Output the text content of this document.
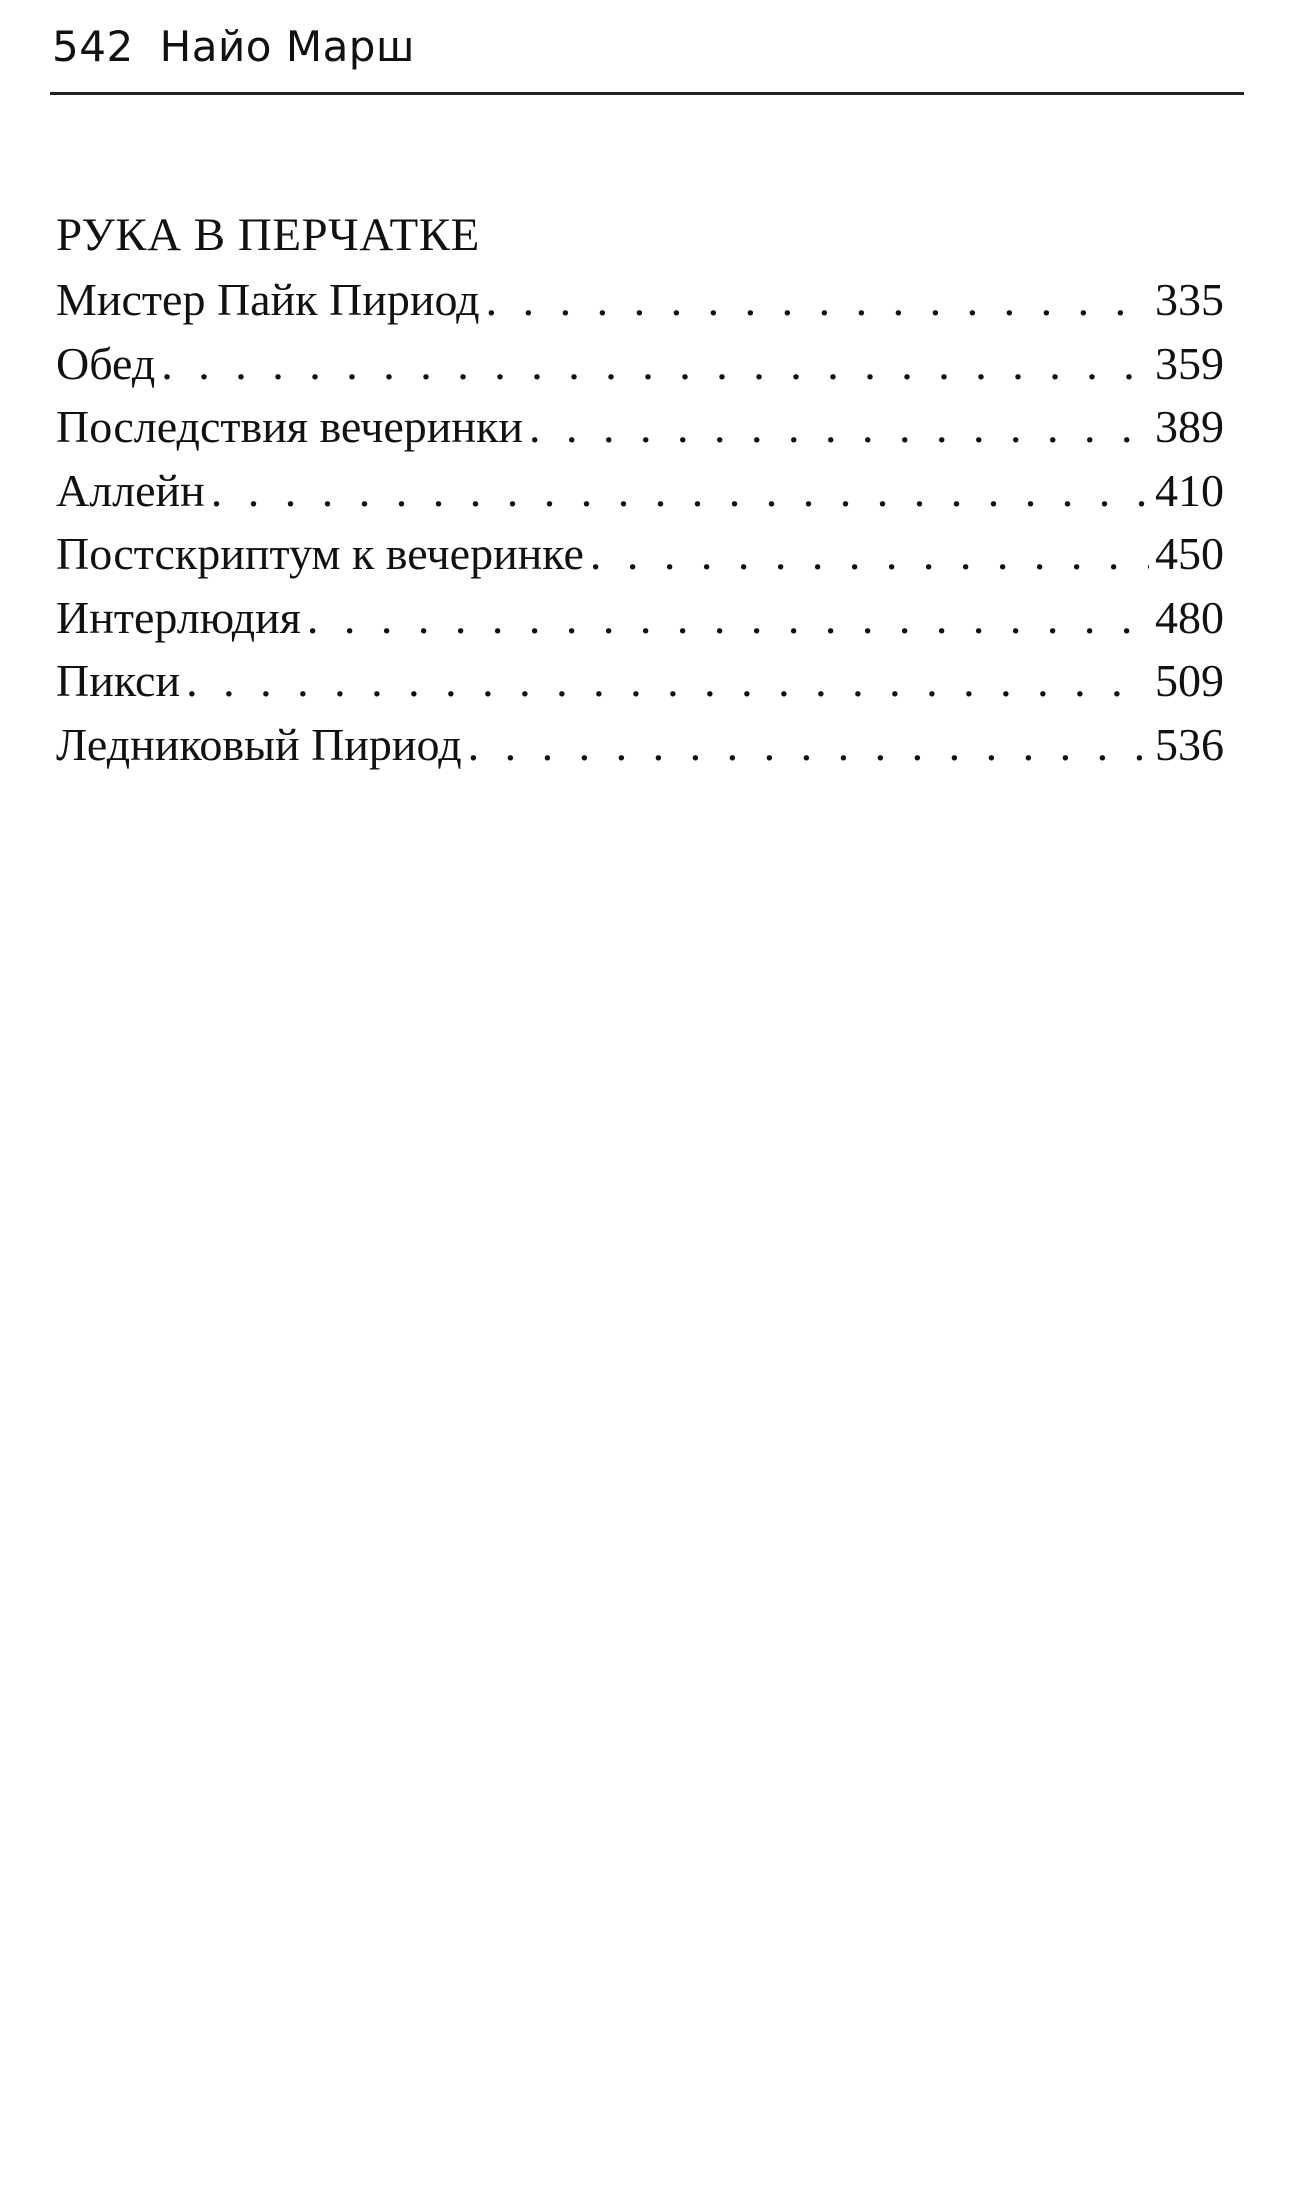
542 Найо Марш
РУКА В ПЕРЧАТКЕ
Мистер Пайк Пириод . . .	335
Обед . . .	359
Последствия вечеринки . . .	389
Аллейн . . .	410
Постскриптум к вечеринке . . .	450
Интерлюдия . . .	480
Пикси . . .	509
Ледниковый Пириод . . .	536
